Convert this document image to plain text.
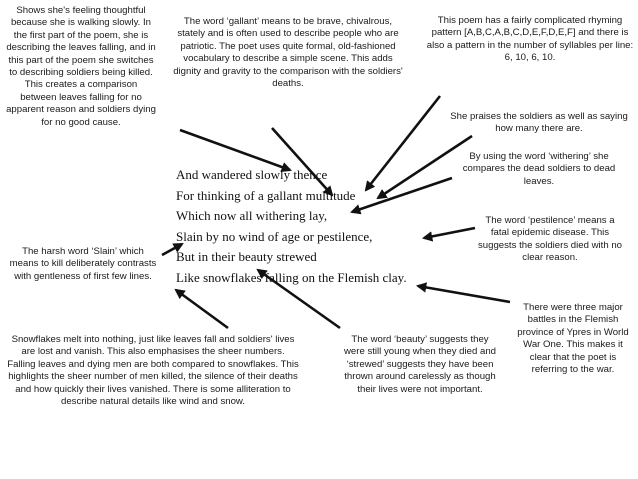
Shows she's feeling thoughtful because she is walking slowly. In the first part of the poem, she is describing the leaves falling, and in this part of the poem she switches to describing soldiers being killed. This creates a comparison between leaves falling for no apparent reason and soldiers dying for no good cause.
The word ‘gallant’ means to be brave, chivalrous, stately and is often used to describe people who are patriotic. The poet uses quite formal, old-fashioned vocabulary to describe a simple scene. This adds dignity and gravity to the comparison with the soldiers' deaths.
This poem has a fairly complicated rhyming pattern [A,B,C,A,B,C,D,E,F,D,E,F] and there is also a pattern in the number of syllables per line: 6, 10, 6, 10.
She praises the soldiers as well as saying how many there are.
By using the word ‘withering’ she compares the dead soldiers to dead leaves.
The word ‘pestilence’ means a fatal epidemic disease. This suggests the soldiers died with no clear reason.
The harsh word ‘Slain’ which means to kill deliberately contrasts with gentleness of first few lines.
There were three major battles in the Flemish province of Ypres in World War One. This makes it clear that the poet is referring to the war.
Snowflakes melt into nothing, just like leaves fall and soldiers' lives are lost and vanish. This also emphasises the sheer numbers. Falling leaves and dying men are both compared to snowflakes. This highlights the sheer number of men killed, the silence of their deaths and how quickly their lives vanished. There is some alliteration to describe natural details like wind and snow.
The word ‘beauty’ suggests they were still young when they died and ‘strewed’ suggests they have been thrown around carelessly as though their lives were not important.
And wandered slowly thence
For thinking of a gallant multitude
Which now all withering lay,
Slain by no wind of age or pestilence,
But in their beauty strewed
Like snowflakes falling on the Flemish clay.
